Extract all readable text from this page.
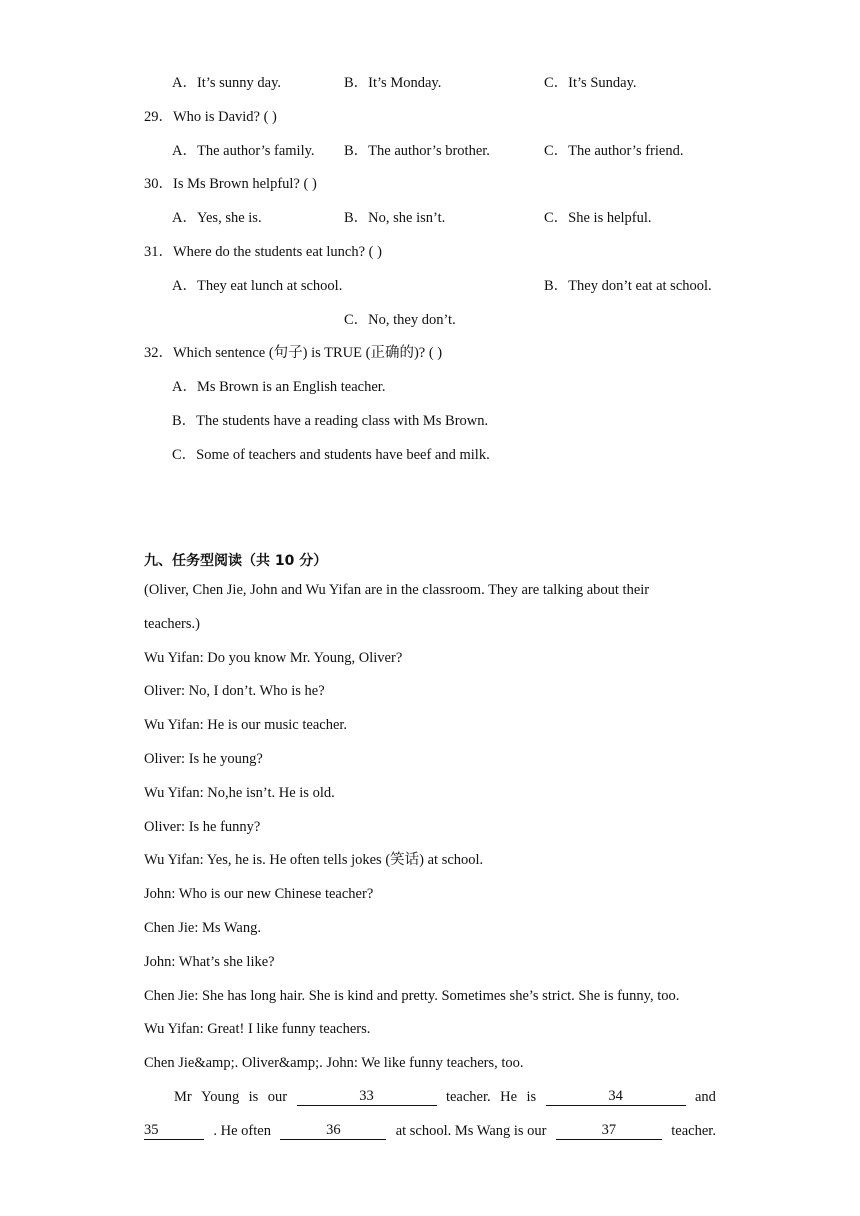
A．It’s sunny day.	B．It’s Monday.	C．It’s Sunday.
29．Who is David? ( )
A．The author’s family. B．The author’s brother.	C．The author’s friend.
30．Is Ms Brown helpful? ( )
A．Yes, she is.	B．No, she isn’t.	C．She is helpful.
31．Where do the students eat lunch? ( )
A．They eat lunch at school.	B．They don’t eat at school.
C．No, they don’t.
32．Which sentence (句子) is TRUE (正确的)? ( )
A．Ms Brown is an English teacher.
B．The students have a reading class with Ms Brown.
C．Some of teachers and students have beef and milk.
九、任务型阅读（共 10 分）
(Oliver, Chen Jie, John and Wu Yifan are in the classroom. They are talking about their
teachers.)
Wu Yifan: Do you know Mr. Young, Oliver?
Oliver: No, I don’t. Who is he?
Wu Yifan: He is our music teacher.
Oliver: Is he young?
Wu Yifan: No,he isn’t. He is old.
Oliver: Is he funny?
Wu Yifan: Yes, he is. He often tells jokes (笑话) at school.
John: Who is our new Chinese teacher?
Chen Jie: Ms Wang.
John: What’s she like?
Chen Jie: She has long hair. She is kind and pretty. Sometimes she’s strict. She is funny, too.
Wu Yifan: Great! I like funny teachers.
Chen Jie&amp;. Oliver&amp;. John: We like funny teachers, too.
Mr Young is our	33	teacher. He is	34	and
35	. He often	36	at school. Ms Wang is our	37	teacher.
